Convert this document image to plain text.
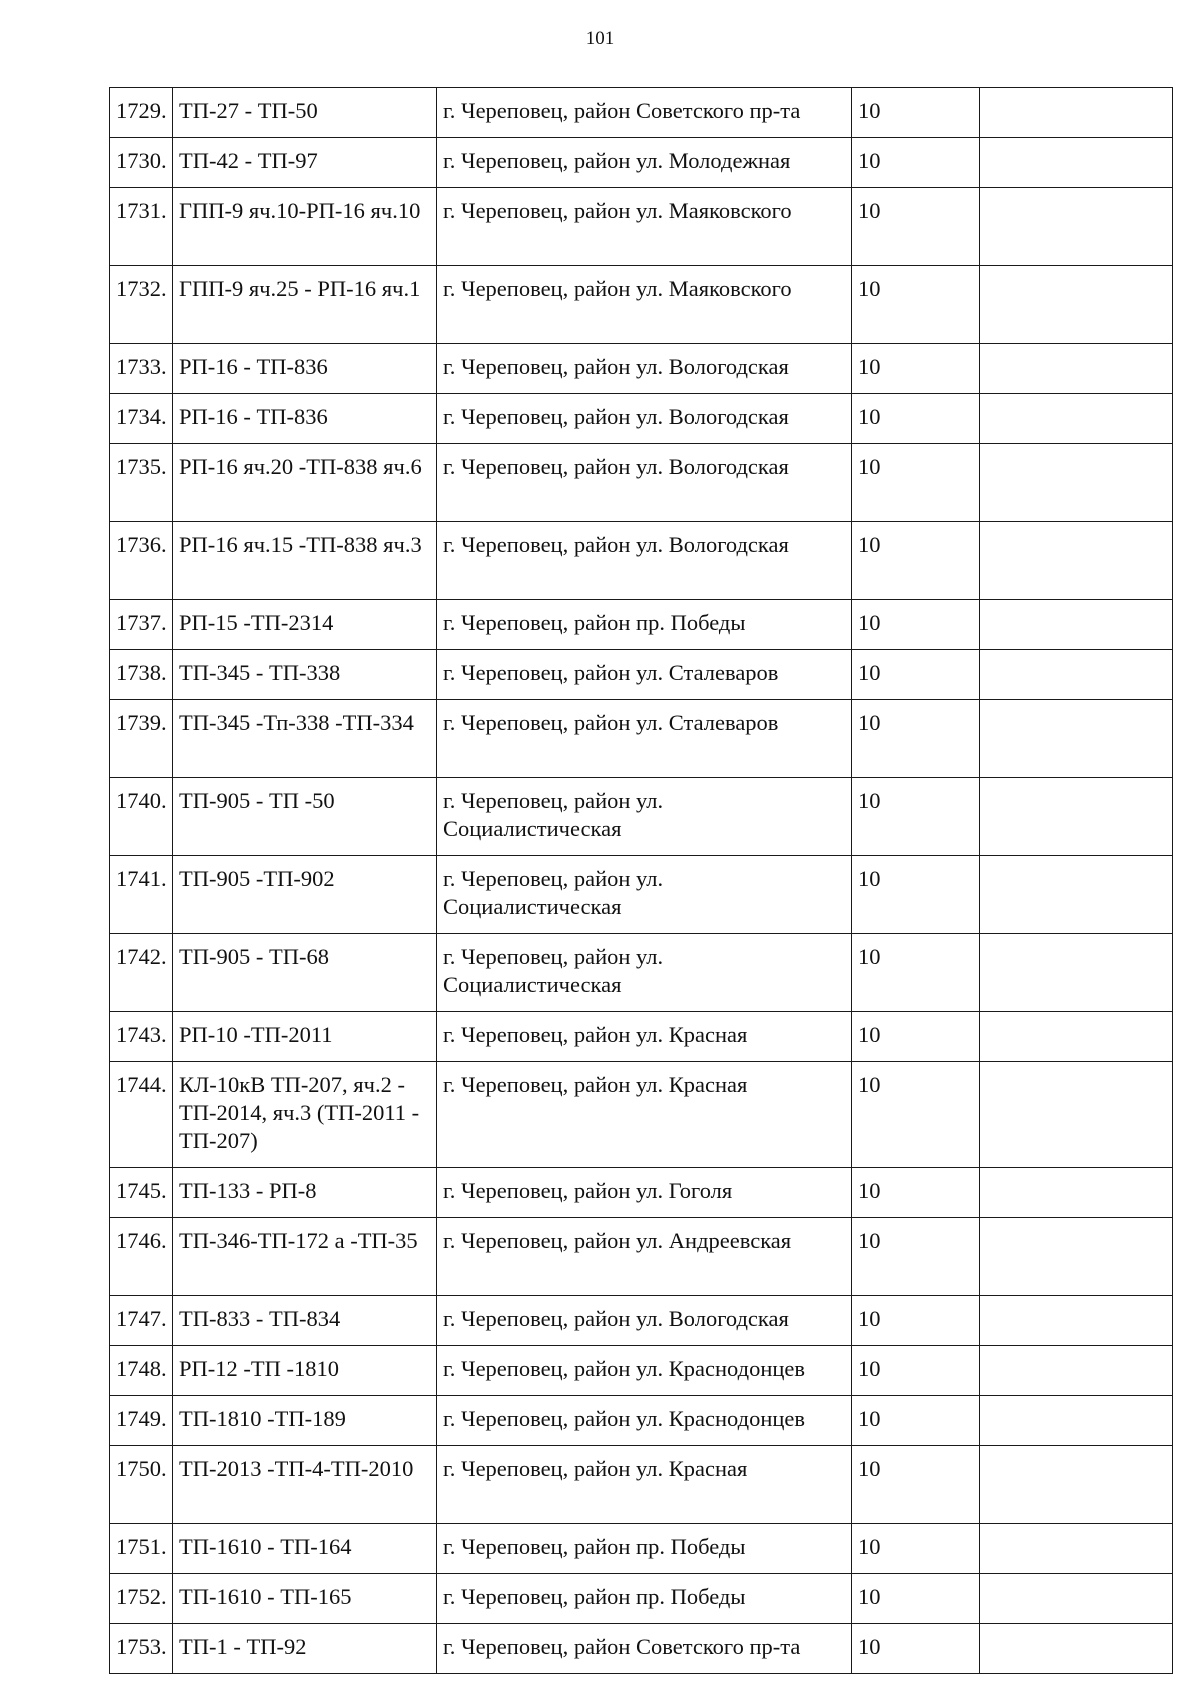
101
1729.	ТП-27 - ТП-50	г. Череповец, район Советского пр-та	10	
1730.	ТП-42 - ТП-97	г. Череповец, район ул. Молодежная	10	
1731.	ГПП-9 яч.10-РП-16 яч.10	г. Череповец, район ул. Маяковского	10	
1732.	ГПП-9 яч.25 - РП-16 яч.1	г. Череповец, район ул. Маяковского	10	
1733.	РП-16 - ТП-836	г. Череповец, район ул. Вологодская	10	
1734.	РП-16 - ТП-836	г. Череповец, район ул. Вологодская	10	
1735.	РП-16 яч.20 -ТП-838 яч.6	г. Череповец, район ул. Вологодская	10	
1736.	РП-16 яч.15 -ТП-838 яч.3	г. Череповец, район ул. Вологодская	10	
1737.	РП-15 -ТП-2314	г. Череповец, район пр. Победы	10	
1738.	ТП-345 - ТП-338	г. Череповец, район ул. Сталеваров	10	
1739.	ТП-345 -Тп-338 -ТП-334	г. Череповец, район ул. Сталеваров	10	
1740.	ТП-905 - ТП -50	г. Череповец, район ул. Социалистическая	10	
1741.	ТП-905 -ТП-902	г. Череповец, район ул. Социалистическая	10	
1742.	ТП-905 - ТП-68	г. Череповец, район ул. Социалистическая	10	
1743.	РП-10 -ТП-2011	г. Череповец, район ул. Красная	10	
1744.	КЛ-10кВ ТП-207, яч.2 - ТП-2014, яч.3 (ТП-2011 - ТП-207)	г. Череповец, район ул. Красная	10	
1745.	ТП-133 - РП-8	г. Череповец, район ул. Гоголя	10	
1746.	ТП-346-ТП-172 а -ТП-35	г. Череповец, район ул. Андреевская	10	
1747.	ТП-833 - ТП-834	г. Череповец, район ул. Вологодская	10	
1748.	РП-12 -ТП -1810	г. Череповец, район ул. Краснодонцев	10	
1749.	ТП-1810 -ТП-189	г. Череповец, район ул. Краснодонцев	10	
1750.	ТП-2013 -ТП-4-ТП-2010	г. Череповец, район ул. Красная	10	
1751.	ТП-1610 - ТП-164	г. Череповец, район пр. Победы	10	
1752.	ТП-1610 - ТП-165	г. Череповец, район пр. Победы	10	
1753.	ТП-1 - ТП-92	г. Череповец, район Советского пр-та	10	
